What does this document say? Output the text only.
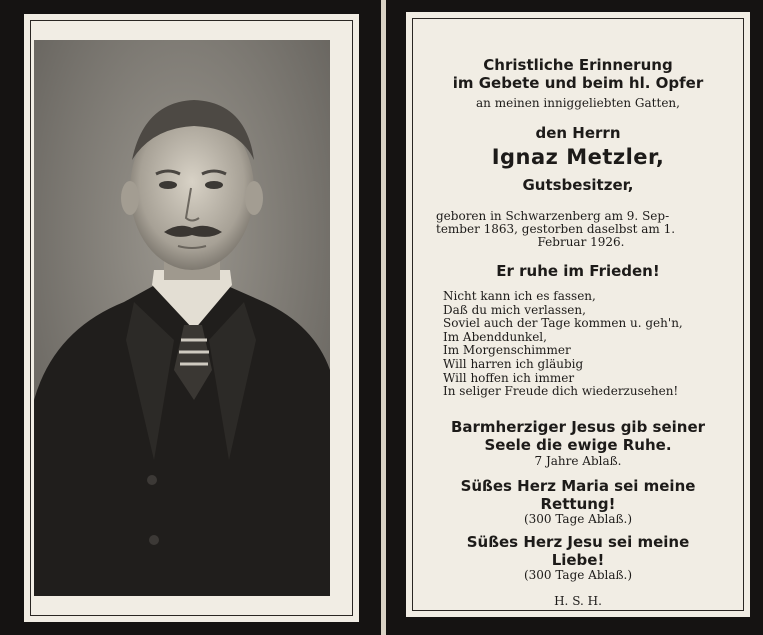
Christliche Erinnerung
im Gebete und beim hl. Opfer
an meinen inniggeliebten Gatten,
den Herrn
Ignaz Metzler,
Gutsbesitzer,
geboren in Schwarzenberg am 9. Sep-
tember 1863, gestorben daselbst am 1.
Februar 1926.
Er ruhe im Frieden!
Nicht kann ich es fassen,
Daß du mich verlassen,
Soviel auch der Tage kommen u. geh'n,
Im Abenddunkel,
Im Morgenschimmer
Will harren ich gläubig
Will hoffen ich immer
In seliger Freude dich wiederzusehen!
Barmherziger Jesus gib seiner
Seele die ewige Ruhe.
7 Jahre Ablaß.
Süßes Herz Maria sei meine
Rettung!
(300 Tage Ablaß.)
Süßes Herz Jesu sei meine
Liebe!
(300 Tage Ablaß.)
H. S. H.
